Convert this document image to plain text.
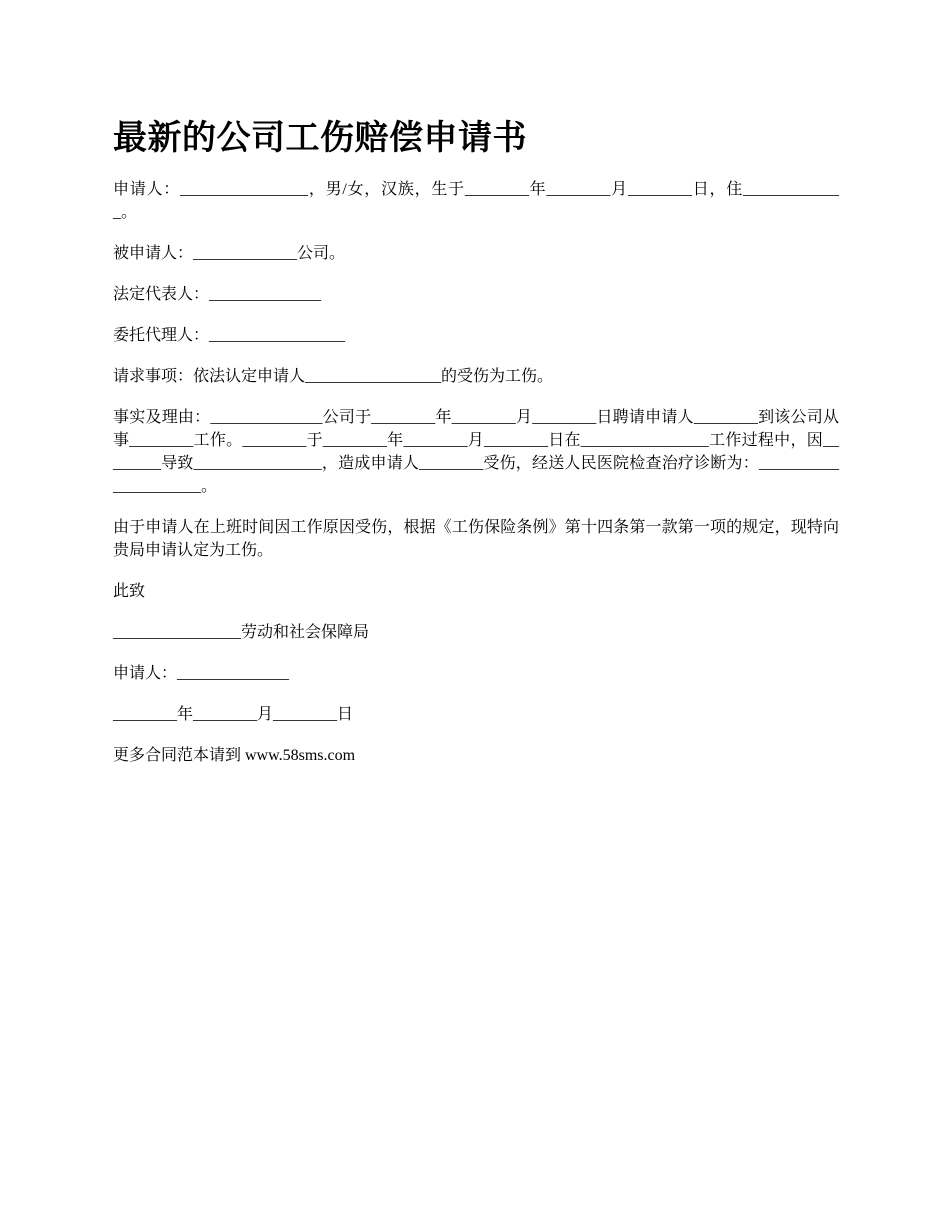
最新的公司工伤赔偿申请书

申请人：________________，男/女，汉族，生于________年________月________日，住_____________。

被申请人：_____________公司。

法定代表人：______________

委托代理人：_________________

请求事项：依法认定申请人_________________的受伤为工伤。

事实及理由：______________公司于________年________月________日聘请申请人________到该公司从事________工作。________于________年________月________日在________________工作过程中，因________导致________________，造成申请人________受伤，经送人民医院检查治疗诊断为：_____________________。

由于申请人在上班时间因工作原因受伤，根据《工伤保险条例》第十四条第一款第一项的规定，现特向贵局申请认定为工伤。

此致

________________劳动和社会保障局

申请人：______________

________年________月________日

更多合同范本请到 www.58sms.com
